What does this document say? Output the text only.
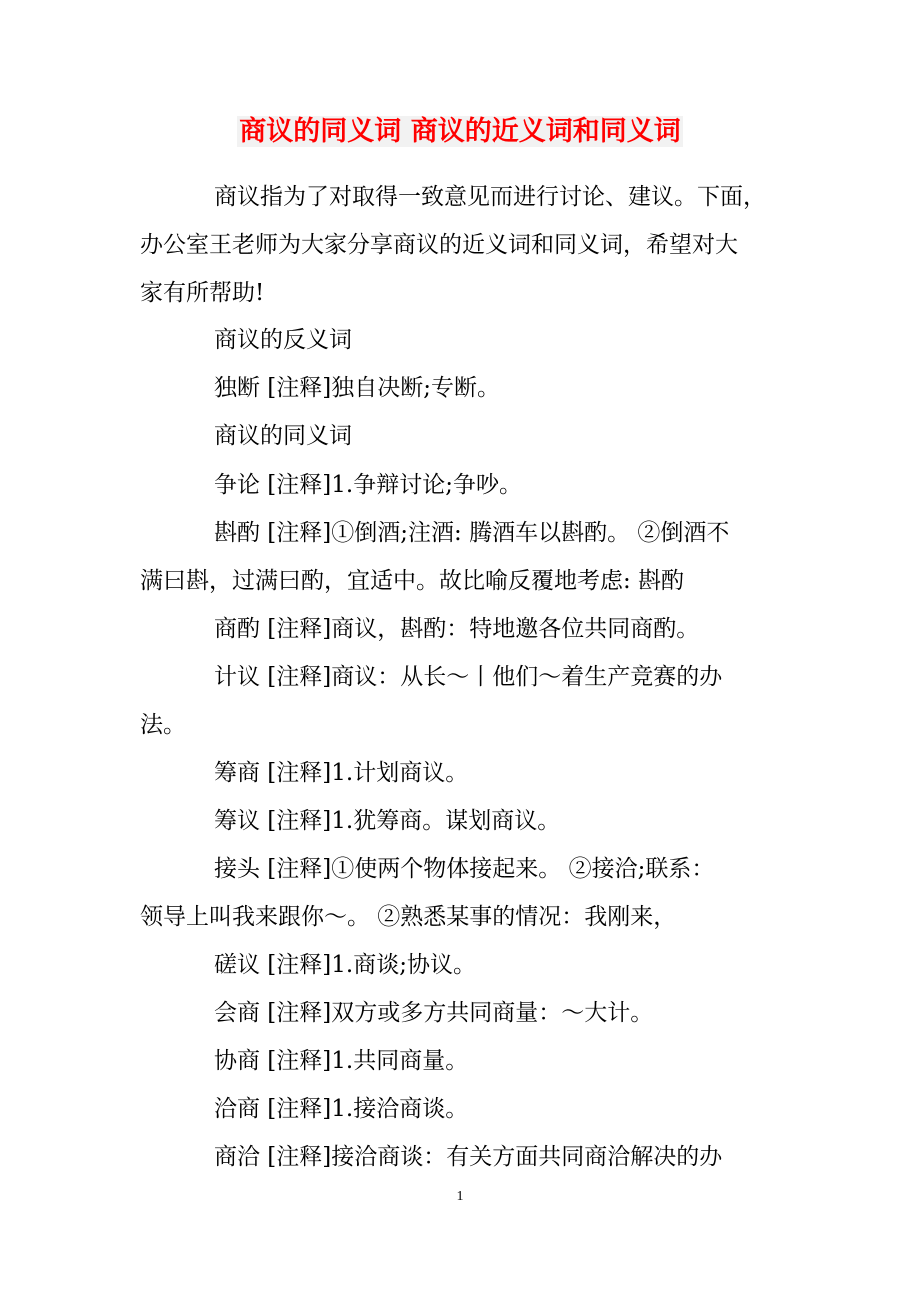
商议的同义词 商议的近义词和同义词
商议指为了对取得一致意见而进行讨论、建议。下面，
办公室王老师为大家分享商议的近义词和同义词，希望对大
家有所帮助!
商议的反义词
独断 [注释]独自决断;专断。
商议的同义词
争论 [注释]1.争辩讨论;争吵。
斟酌 [注释]①倒酒;注酒: 腾酒车以斟酌。 ②倒酒不
满曰斟，过满曰酌，宜适中。故比喻反覆地考虑: 斟酌
商酌 [注释]商议，斟酌：特地邀各位共同商酌。
计议 [注释]商议：从长～丨他们～着生产竞赛的办
法。
筹商 [注释]1.计划商议。
筹议 [注释]1.犹筹商。谋划商议。
接头 [注释]①使两个物体接起来。 ②接洽;联系：
领导上叫我来跟你～。 ②熟悉某事的情况：我刚来，
磋议 [注释]1.商谈;协议。
会商 [注释]双方或多方共同商量：～大计。
协商 [注释]1.共同商量。
洽商 [注释]1.接洽商谈。
商洽 [注释]接洽商谈：有关方面共同商洽解决的办
1
